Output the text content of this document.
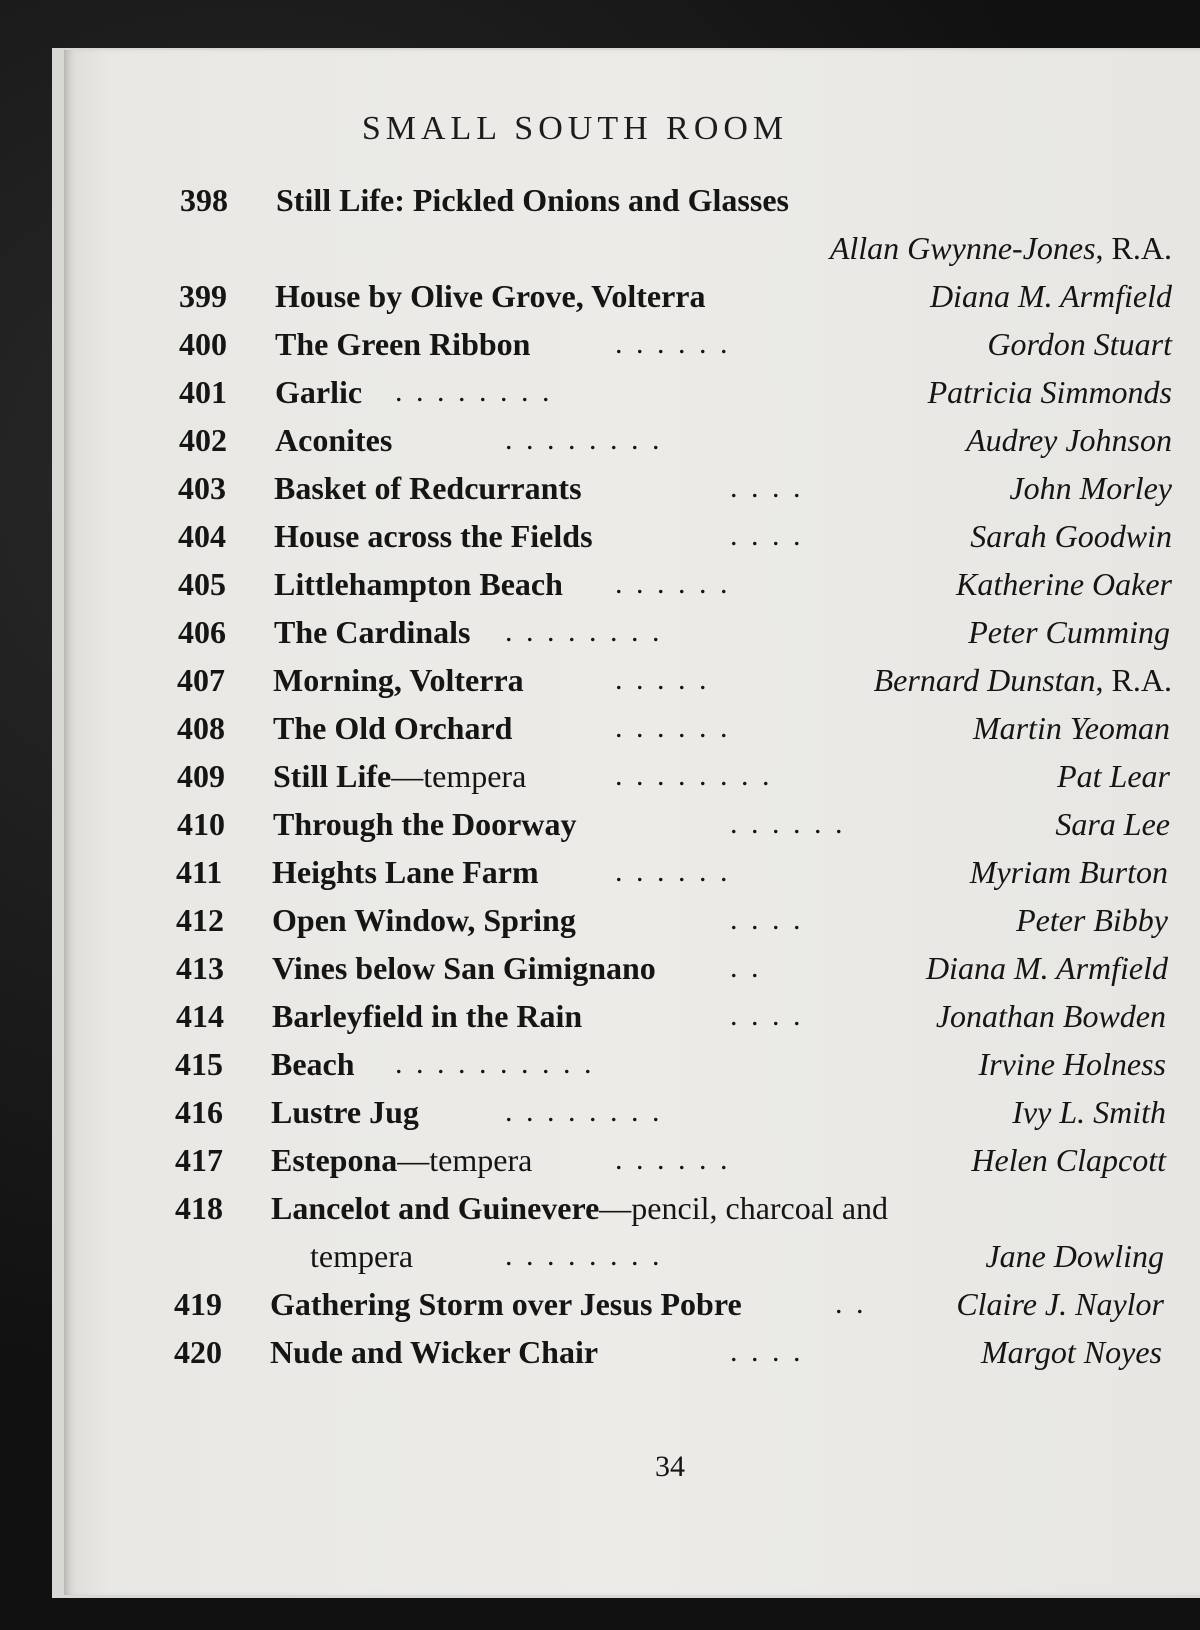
SMALL SOUTH ROOM
398 Still Life: Pickled Onions and Glasses
Allan Gwynne-Jones, R.A.
399 House by Olive Grove, Volterra	Diana M. Armfield
400 The Green Ribbon	. . . . . .	Gordon Stuart
401 Garlic . . . . . . . .	Patricia Simmonds
402 Aconites	. . . . . . . .	Audrey Johnson
403 Basket of Redcurrants	. . . .	John Morley
404 House across the Fields	. . . .	Sarah Goodwin
405 Littlehampton Beach . . . . . .	Katherine Oaker
406 The Cardinals . . . . . . . .	Peter Cumming
407 Morning, Volterra	. . . . .	Bernard Dunstan, R.A.
408 The Old Orchard	. . . . . .	Martin Yeoman
409 Still Life—tempera	. . . . . . . .	Pat Lear
410 Through the Doorway	. . . . . .	Sara Lee
411 Heights Lane Farm	. . . . . .	Myriam Burton
412 Open Window, Spring	. . . .	Peter Bibby
413 Vines below San Gimignano . .	Diana M. Armfield
414 Barleyfield in the Rain	. . . .	Jonathan Bowden
415 Beach . . . . . . . . . .	Irvine Holness
416 Lustre Jug	. . . . . . . .	Ivy L. Smith
417 Estepona—tempera	. . . . . .	Helen Clapcott
418 Lancelot and Guinevere—pencil, charcoal and
tempera	. . . . . . . .	Jane Dowling
419 Gathering Storm over Jesus Pobre	. .	Claire J. Naylor
420 Nude and Wicker Chair	. . . .	Margot Noyes
34
